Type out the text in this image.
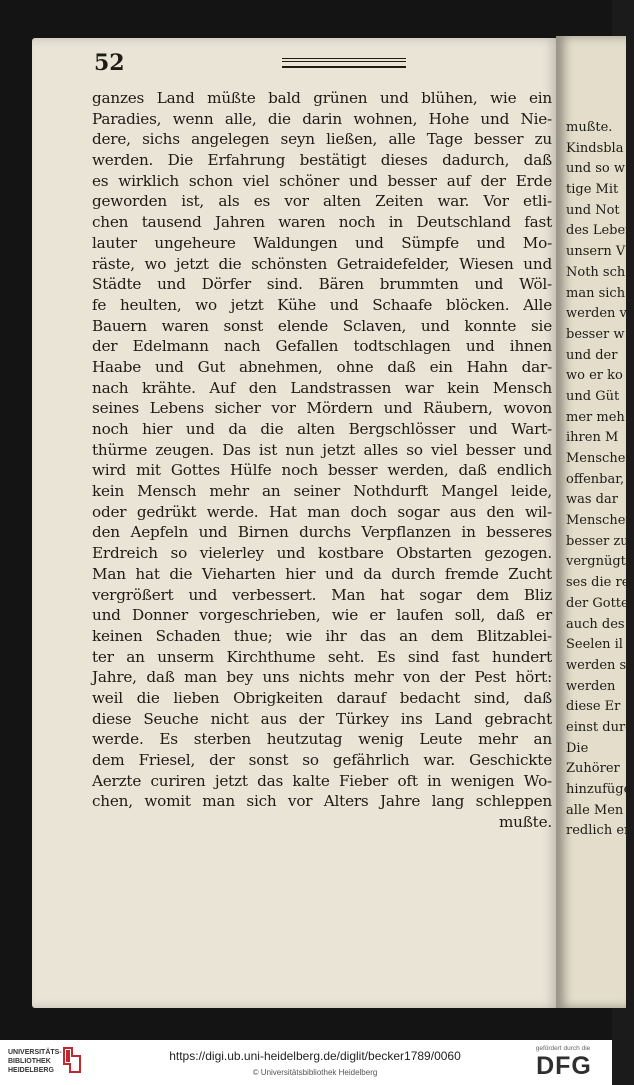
52
ganzes Land müßte bald grünen und blühen, wie ein
Paradies, wenn alle, die darin wohnen, Hohe und Nie-
dere, sichs angelegen seyn ließen, alle Tage besser zu
werden. Die Erfahrung bestätigt dieses dadurch, daß
es wirklich schon viel schöner und besser auf der Erde
geworden ist, als es vor alten Zeiten war. Vor etli-
chen tausend Jahren waren noch in Deutschland fast
lauter ungeheure Waldungen und Sümpfe und Mo-
räste, wo jetzt die schönsten Getraidefelder, Wiesen und
Städte und Dörfer sind. Bären brummten und Wöl-
fe heulten, wo jetzt Kühe und Schaafe blöcken. Alle
Bauern waren sonst elende Sclaven, und konnte sie
der Edelmann nach Gefallen todtschlagen und ihnen
Haabe und Gut abnehmen, ohne daß ein Hahn dar-
nach krähte. Auf den Landstrassen war kein Mensch
seines Lebens sicher vor Mördern und Räubern, wovon
noch hier und da die alten Bergschlösser und Wart-
thürme zeugen. Das ist nun jetzt alles so viel besser und
wird mit Gottes Hülfe noch besser werden, daß endlich
kein Mensch mehr an seiner Nothdurft Mangel leide,
oder gedrükt werde. Hat man doch sogar aus den wil-
den Aepfeln und Birnen durchs Verpflanzen in besseres
Erdreich so vielerley und kostbare Obstarten gezogen.
Man hat die Vieharten hier und da durch fremde Zucht
vergrößert und verbessert. Man hat sogar dem Bliz
und Donner vorgeschrieben, wie er laufen soll, daß er
keinen Schaden thue; wie ihr das an dem Blitzablei-
ter an unserm Kirchthume seht. Es sind fast hundert
Jahre, daß man bey uns nichts mehr von der Pest hört:
weil die lieben Obrigkeiten darauf bedacht sind, daß
diese Seuche nicht aus der Türkey ins Land gebracht
werde. Es sterben heutzutag wenig Leute mehr an
dem Friesel, der sonst so gefährlich war. Geschickte
Aerzte curiren jetzt das kalte Fieber oft in wenigen Wo-
chen, womit man sich vor Alters Jahre lang schleppen
mußte.
mußte.
Kindsbla
und so w
tige Mit
und Not
des Leben
unsern V
Noth sch
man sich
werden v
besser w
und der
wo er ko
und Güt
mer meh
ihren M
Menschen
offenbar,
was dar
Menschen
besser zu
vergnügte
ses die re
der Gotte
auch des
Seelen il
werden so
werden
diese Er
einst durc
Die
Zuhörer
hinzufüge
alle Men
redlich er
UNIVERSITÄTS-
BIBLIOTHEK
HEIDELBERG
https://digi.ub.uni-heidelberg.de/diglit/becker1789/0060
© Universitätsbibliothek Heidelberg
gefördert durch die
DFG
